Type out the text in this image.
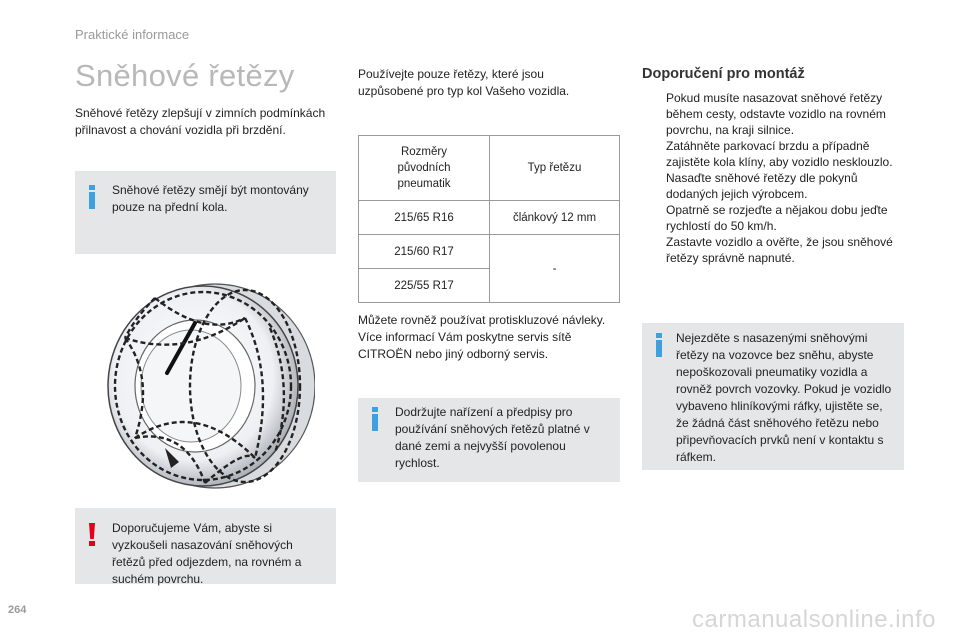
Praktické informace
Sněhové řetězy
Sněhové řetězy zlepšují v zimních podmínkách přilnavost a chování vozidla při brzdění.
Sněhové řetězy smějí být montovány pouze na přední kola.
Doporučujeme Vám, abyste si vyzkoušeli nasazování sněhových řetězů před odjezdem, na rovném a suchém povrchu.
Používejte pouze řetězy, které jsou uzpůsobené pro typ kol Vašeho vozidla.
Rozměry původních pneumatik	Typ řetězu
215/65 R16	článkový 12 mm
215/60 R17	-
225/55 R17	
Můžete rovněž používat protiskluzové návleky. Více informací Vám poskytne servis sítě CITROËN nebo jiný odborný servis.
Dodržujte nařízení a předpisy pro používání sněhových řetězů platné v dané zemi a nejvyšší povolenou rychlost.
Doporučení pro montáž
Pokud musíte nasazovat sněhové řetězy během cesty, odstavte vozidlo na rovném povrchu, na kraji silnice.
Zatáhněte parkovací brzdu a případně zajistěte kola klíny, aby vozidlo nesklouzlo.
Nasaďte sněhové řetězy dle pokynů dodaných jejich výrobcem.
Opatrně se rozjeďte a nějakou dobu jeďte rychlostí do 50 km/h.
Zastavte vozidlo a ověřte, že jsou sněhové řetězy správně napnuté.
Nejezděte s nasazenými sněhovými řetězy na vozovce bez sněhu, abyste nepoškozovali pneumatiky vozidla a rovněž povrch vozovky. Pokud je vozidlo vybaveno hliníkovými ráfky, ujistěte se, že žádná část sněhového řetězu nebo připevňovacích prvků není v kontaktu s ráfkem.
264	carmanualsonline.info
